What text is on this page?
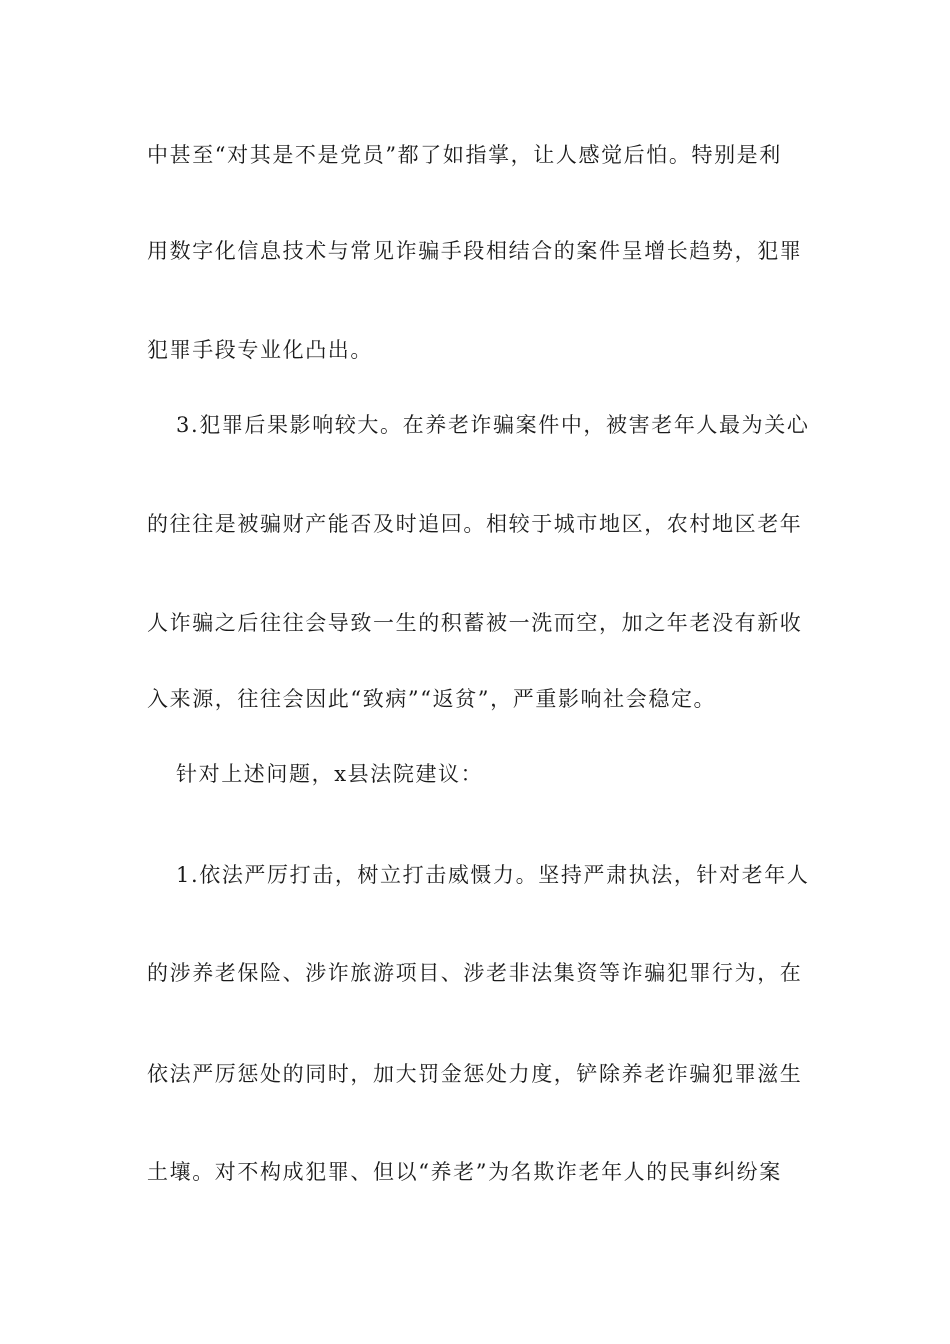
中甚至“对其是不是党员”都了如指掌，让人感觉后怕。特别是利
用数字化信息技术与常见诈骗手段相结合的案件呈增长趋势，犯罪
犯罪手段专业化凸出。
3.犯罪后果影响较大。在养老诈骗案件中，被害老年人最为关心
的往往是被骗财产能否及时追回。相较于城市地区，农村地区老年
人诈骗之后往往会导致一生的积蓄被一洗而空，加之年老没有新收
入来源，往往会因此“致病”“返贫”，严重影响社会稳定。
针对上述问题，x县法院建议：
1.依法严厉打击，树立打击威慑力。坚持严肃执法，针对老年人
的涉养老保险、涉诈旅游项目、涉老非法集资等诈骗犯罪行为，在
依法严厉惩处的同时，加大罚金惩处力度，铲除养老诈骗犯罪滋生
土壤。对不构成犯罪、但以“养老”为名欺诈老年人的民事纠纷案
